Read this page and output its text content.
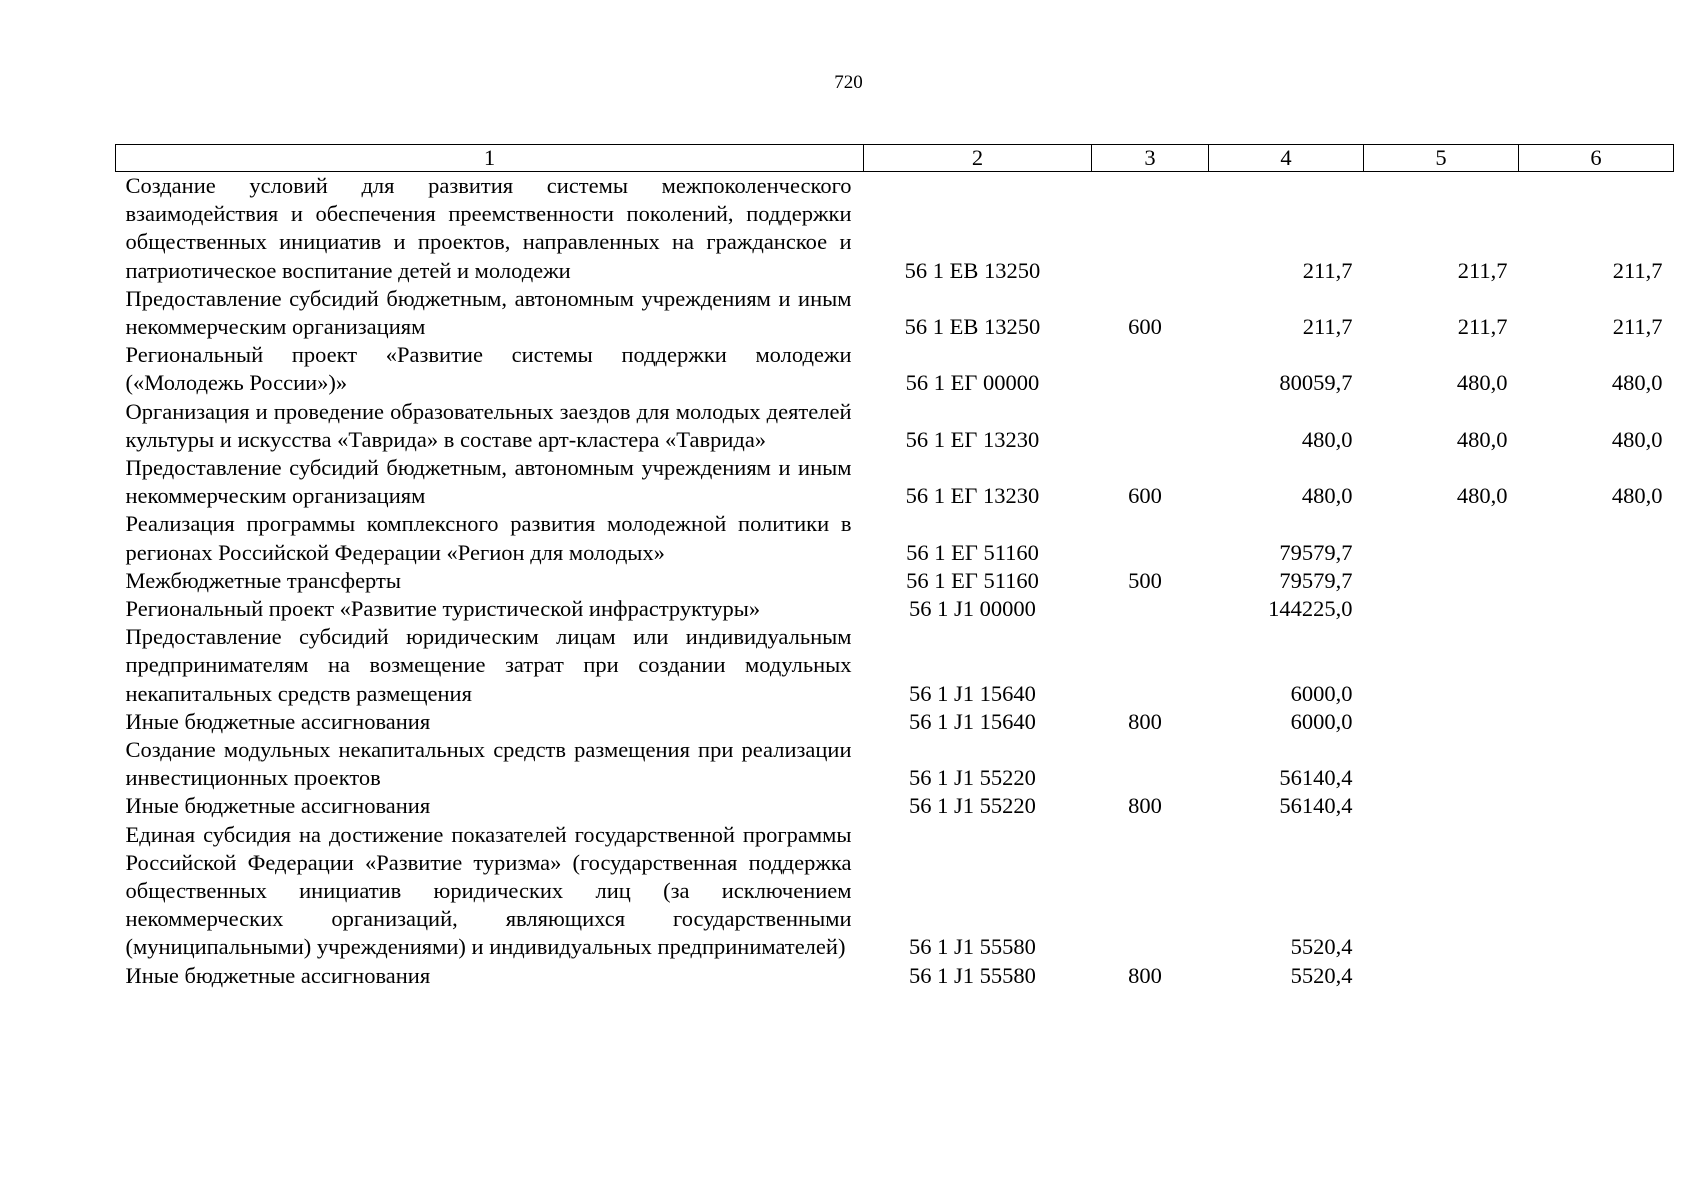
720
1	2	3	4	5	6
Создание условий для развития системы межпоколенческого взаимодействия и обеспечения преемственности поколений, поддержки общественных инициатив и проектов, направленных на гражданское и патриотическое воспитание детей и молодежи	56 1 ЕВ 13250		211,7	211,7	211,7
Предоставление субсидий бюджетным, автономным учреждениям и иным некоммерческим организациям	56 1 ЕВ 13250	600	211,7	211,7	211,7
Региональный проект «Развитие системы поддержки молодежи («Молодежь России»)»	56 1 ЕГ 00000		80059,7	480,0	480,0
Организация и проведение образовательных заездов для молодых деятелей культуры и искусства «Таврида» в составе арт-кластера «Таврида»	56 1 ЕГ 13230		480,0	480,0	480,0
Предоставление субсидий бюджетным, автономным учреждениям и иным некоммерческим организациям	56 1 ЕГ 13230	600	480,0	480,0	480,0
Реализация программы комплексного развития молодежной политики в регионах Российской Федерации «Регион для молодых»	56 1 ЕГ 51160		79579,7		
Межбюджетные трансферты	56 1 ЕГ 51160	500	79579,7		
Региональный проект «Развитие туристической инфраструктуры»	56 1 J1 00000		144225,0		
Предоставление субсидий юридическим лицам или индивидуальным предпринимателям на возмещение затрат при создании модульных некапитальных средств размещения	56 1 J1 15640		6000,0		
Иные бюджетные ассигнования	56 1 J1 15640	800	6000,0		
Создание модульных некапитальных средств размещения при реализации инвестиционных проектов	56 1 J1 55220		56140,4		
Иные бюджетные ассигнования	56 1 J1 55220	800	56140,4		
Единая субсидия на достижение показателей государственной программы Российской Федерации «Развитие туризма» (государственная поддержка общественных инициатив юридических лиц (за исключением некоммерческих организаций, являющихся государственными (муниципальными) учреждениями) и индивидуальных предпринимателей)	56 1 J1 55580		5520,4		
Иные бюджетные ассигнования	56 1 J1 55580	800	5520,4		
